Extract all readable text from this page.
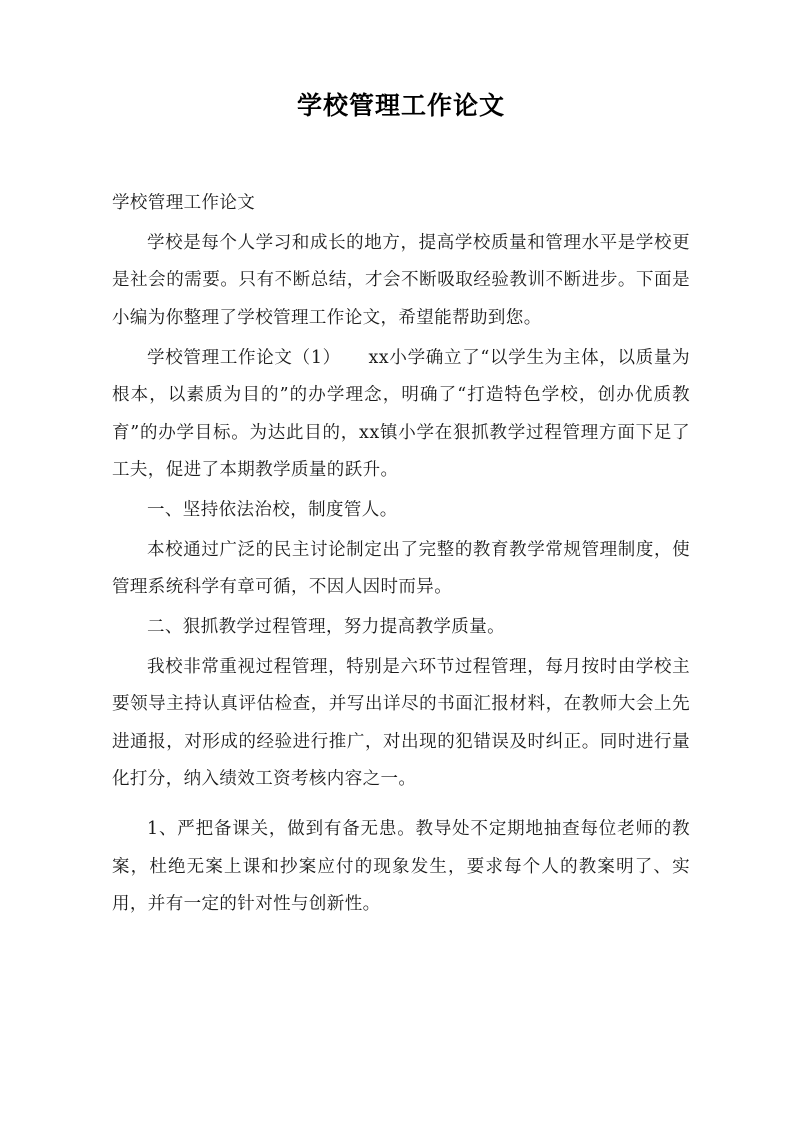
学校管理工作论文

学校管理工作论文

学校是每个人学习和成长的地方，提高学校质量和管理水平是学校更是社会的需要。只有不断总结，才会不断吸取经验教训不断进步。下面是小编为你整理了学校管理工作论文，希望能帮助到您。

学校管理工作论文（1）　　xx小学确立了“以学生为主体，以质量为根本，以素质为目的”的办学理念，明确了“打造特色学校，创办优质教育”的办学目标。为达此目的，xx镇小学在狠抓教学过程管理方面下足了工夫，促进了本期教学质量的跃升。

一、坚持依法治校，制度管人。

本校通过广泛的民主讨论制定出了完整的教育教学常规管理制度，使管理系统科学有章可循，不因人因时而异。

二、狠抓教学过程管理，努力提高教学质量。

我校非常重视过程管理，特别是六环节过程管理，每月按时由学校主要领导主持认真评估检查，并写出详尽的书面汇报材料，在教师大会上先进通报，对形成的经验进行推广，对出现的犯错误及时纠正。同时进行量化打分，纳入绩效工资考核内容之一。

1、严把备课关，做到有备无患。教导处不定期地抽查每位老师的教案，杜绝无案上课和抄案应付的现象发生，要求每个人的教案明了、实用，并有一定的针对性与创新性。
